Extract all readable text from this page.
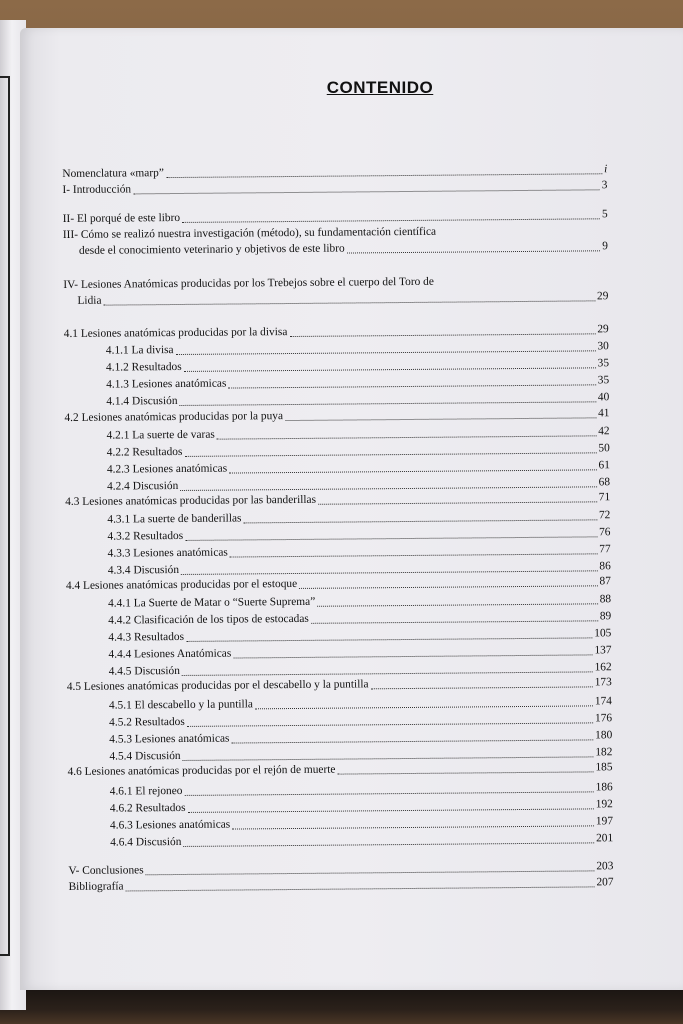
CONTENIDO
Nomenclatura «marp”	i
I- Introducción	3
II- El porqué de este libro	5
III- Cómo se realizó nuestra investigación (método), su fundamentación científica
desde el conocimiento veterinario y objetivos de este libro	9
IV- Lesiones Anatómicas producidas por los Trebejos sobre el cuerpo del Toro de
Lidia	29
4.1 Lesiones anatómicas producidas por la divisa	29
4.1.1 La divisa	30
4.1.2 Resultados	35
4.1.3 Lesiones anatómicas	35
4.1.4 Discusión	40
4.2 Lesiones anatómicas producidas por la puya	41
4.2.1 La suerte de varas	42
4.2.2 Resultados	50
4.2.3 Lesiones anatómicas	61
4.2.4 Discusión	68
4.3 Lesiones anatómicas producidas por las banderillas	71
4.3.1 La suerte de banderillas	72
4.3.2 Resultados	76
4.3.3 Lesiones anatómicas	77
4.3.4 Discusión	86
4.4 Lesiones anatómicas producidas por el estoque	87
4.4.1 La Suerte de Matar o “Suerte Suprema”	88
4.4.2 Clasificación de los tipos de estocadas	89
4.4.3 Resultados	105
4.4.4 Lesiones Anatómicas	137
4.4.5 Discusión	162
4.5 Lesiones anatómicas producidas por el descabello y la puntilla	173
4.5.1 El descabello y la puntilla	174
4.5.2 Resultados	176
4.5.3 Lesiones anatómicas	180
4.5.4 Discusión	182
4.6 Lesiones anatómicas producidas por el rejón de muerte	185
4.6.1 El rejoneo	186
4.6.2 Resultados	192
4.6.3 Lesiones anatómicas	197
4.6.4 Discusión	201
V- Conclusiones	203
Bibliografía	207
